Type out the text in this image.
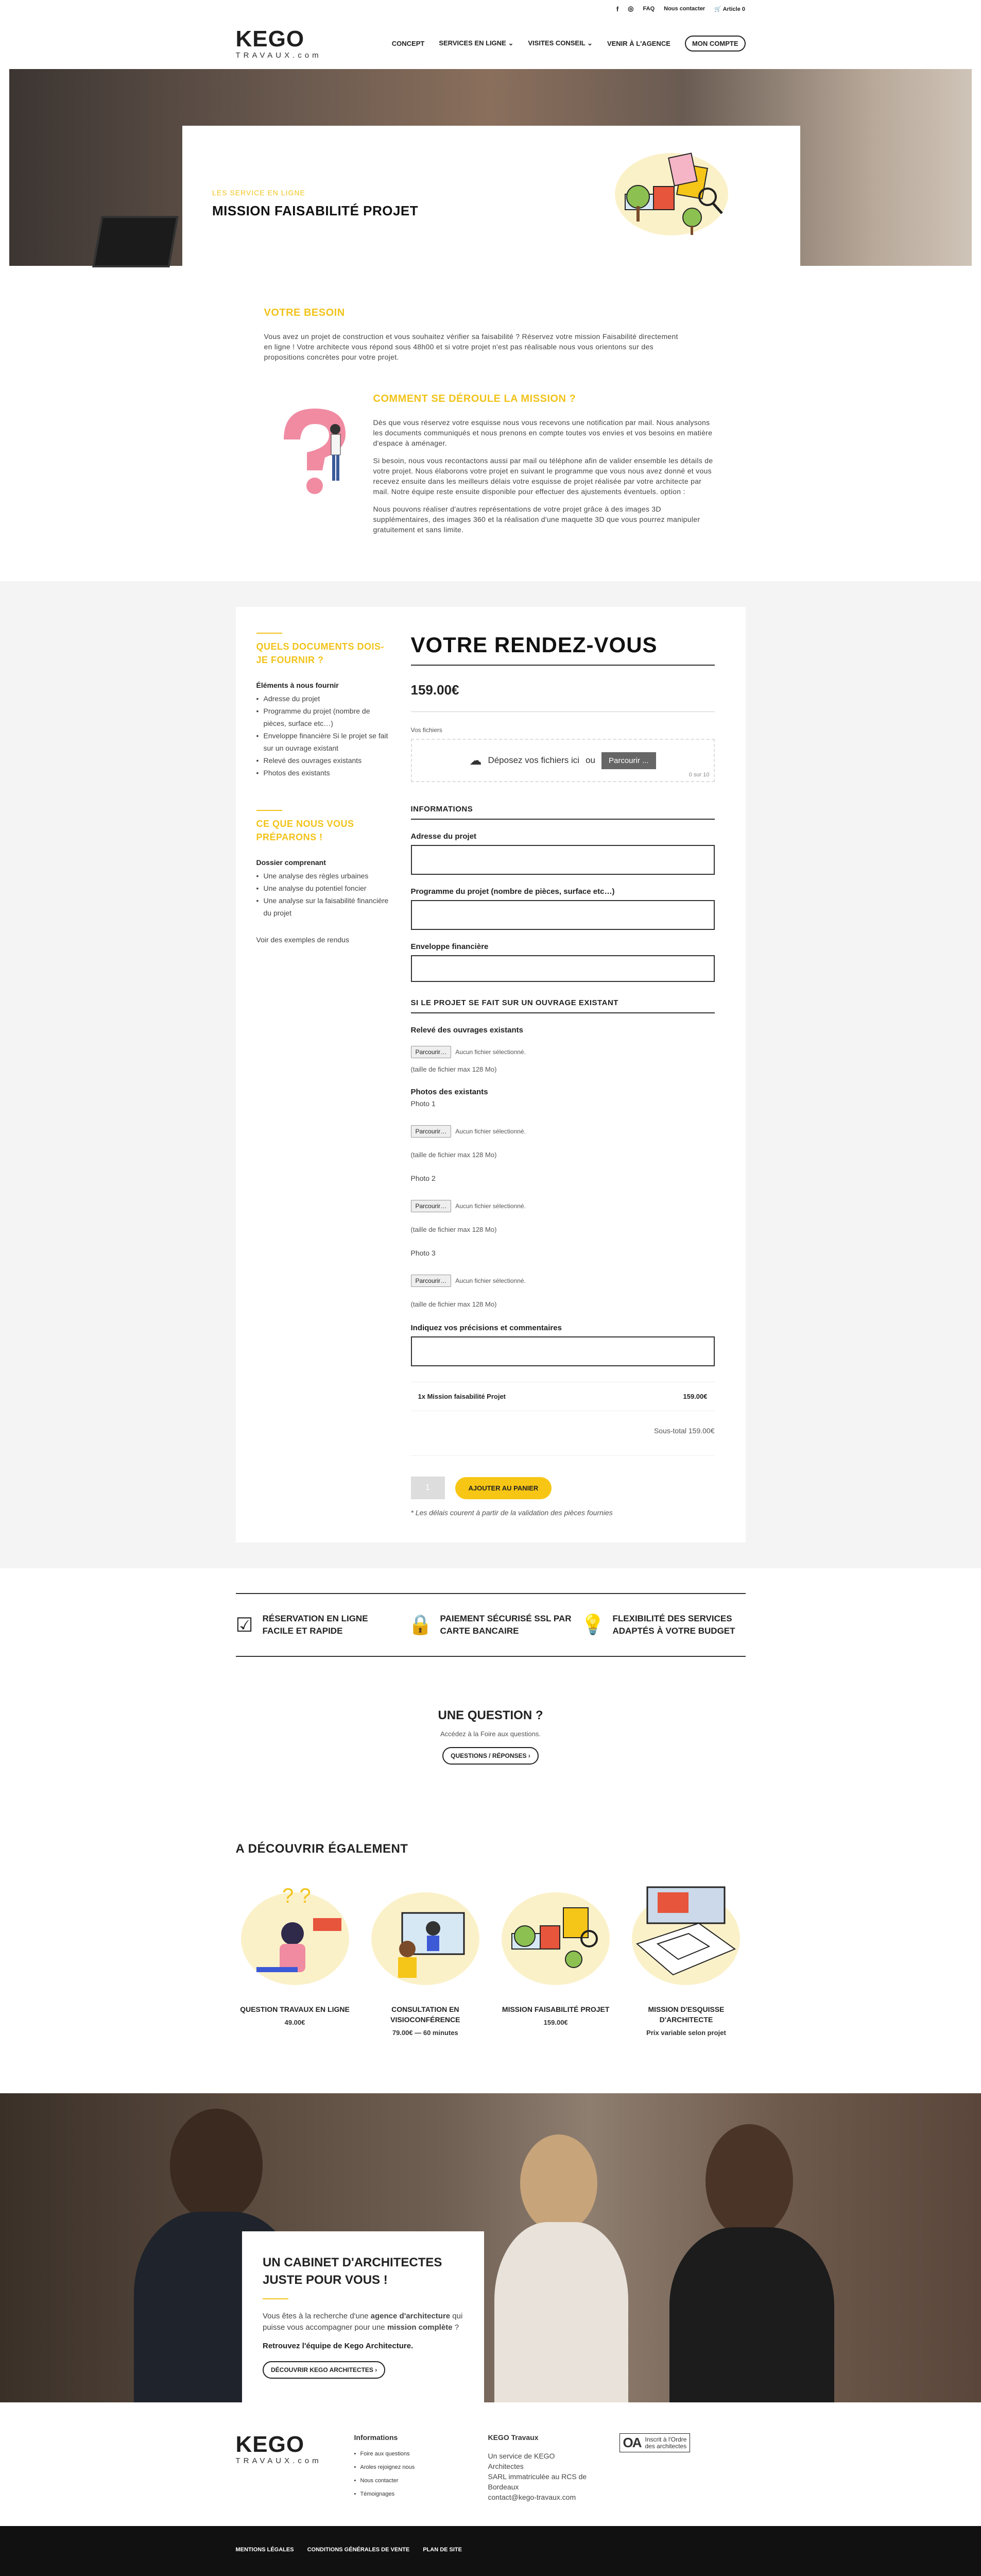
f ◎ FAQ Nous contacter 🛒 Article 0
KEGO
TRAVAUX.com
CONCEPT SERVICES EN LIGNE ⌄ VISITES CONSEIL ⌄ VENIR À L'AGENCE	MON COMPTE
LES SERVICE EN LIGNE
MISSION FAISABILITÉ PROJET
VOTRE BESOIN

Vous avez un projet de construction et vous souhaitez vérifier sa faisabilité ? Réservez votre mission Faisabilité directement en ligne ! Votre architecte vous répond sous 48h00 et si votre projet n'est pas réalisable nous vous orientons sur des propositions concrètes pour votre projet.

COMMENT SE DÉROULE LA MISSION ?

Dès que vous réservez votre esquisse nous vous recevons une notification par mail. Nous analysons les documents communiqués et nous prenons en compte toutes vos envies et vos besoins en matière d'espace à aménager.

Si besoin, nous vous recontactons aussi par mail ou téléphone afin de valider ensemble les détails de votre projet. Nous élaborons votre projet en suivant le programme que vous nous avez donné et vous recevez ensuite dans les meilleurs délais votre esquisse de projet réalisée par votre architecte par mail. Notre équipe reste ensuite disponible pour effectuer des ajustements éventuels. option :

Nous pouvons réaliser d'autres représentations de votre projet grâce à des images 3D supplémentaires, des images 360 et la réalisation d'une maquette 3D que vous pourrez manipuler gratuitement et sans limite.

QUELS DOCUMENTS DOIS-JE FOURNIR ?
Éléments à nous fournir
• Adresse du projet
• Programme du projet (nombre de pièces, surface etc…)
• Enveloppe financière Si le projet se fait sur un ouvrage existant
• Relevé des ouvrages existants
• Photos des existants
CE QUE NOUS VOUS PRÉPARONS !
Dossier comprenant
• Une analyse des règles urbaines
• Une analyse du potentiel foncier
• Une analyse sur la faisabilité financière du projet
Voir des exemples de rendus
VOTRE RENDEZ-VOUS
159.00€
Vos fichiers
☁ Déposez vos fichiers ici ou	Parcourir ...
0 sur 10
INFORMATIONS
Adresse du projet
Programme du projet (nombre de pièces, surface etc…)
Enveloppe financière
SI LE PROJET SE FAIT SUR UN OUVRAGE EXISTANT
Relevé des ouvrages existants
Parcourir…	Aucun fichier sélectionné.
(taille de fichier max 128 Mo)
Photos des existants
Photo 1
Parcourir…	Aucun fichier sélectionné.
(taille de fichier max 128 Mo)
Photo 2
Parcourir…	Aucun fichier sélectionné.
(taille de fichier max 128 Mo)
Photo 3
Parcourir…	Aucun fichier sélectionné.
(taille de fichier max 128 Mo)
Indiquez vos précisions et commentaires
1x Mission faisabilité Projet	159.00€
Sous-total 159.00€
1	AJOUTER AU PANIER
* Les délais courent à partir de la validation des pièces fournies
☑ RÉSERVATION EN LIGNE FACILE ET RAPIDE	🔒 PAIEMENT SÉCURISÉ SSL PAR CARTE BANCAIRE	💡 FLEXIBILITÉ DES SERVICES ADAPTÉS À VOTRE BUDGET
UNE QUESTION ?

Accédez à la Foire aux questions.

QUESTIONS / RÉPONSES ›
A DÉCOUVRIR ÉGALEMENT
? ?
QUESTION TRAVAUX EN LIGNE
49.00€
CONSULTATION EN VISIOCONFÉRENCE
79.00€ — 60 minutes
MISSION FAISABILITÉ PROJET
159.00€
MISSION D'ESQUISSE D'ARCHITECTE
Prix variable selon projet
UN CABINET D'ARCHITECTES JUSTE POUR VOUS !

Vous êtes à la recherche d'une agence d'architecture qui puisse vous accompagner pour une mission complète ?

Retrouvez l'équipe de Kego Architecture.

DÉCOUVRIR KEGO ARCHITECTES ›
KEGO
TRAVAUX.com
Informations
• Foire aux questions
• Aroles rejoignez nous
• Nous contacter
• Témoignages
KEGO Travaux
Un service de KEGO
Architectes
SARL immatriculée au RCS de
Bordeaux
contact@kego-travaux.com
OA Inscrit à l'Ordre
des architectes
MENTIONS LÉGALES CONDITIONS GÉNÉRALES DE VENTE PLAN DE SITE
